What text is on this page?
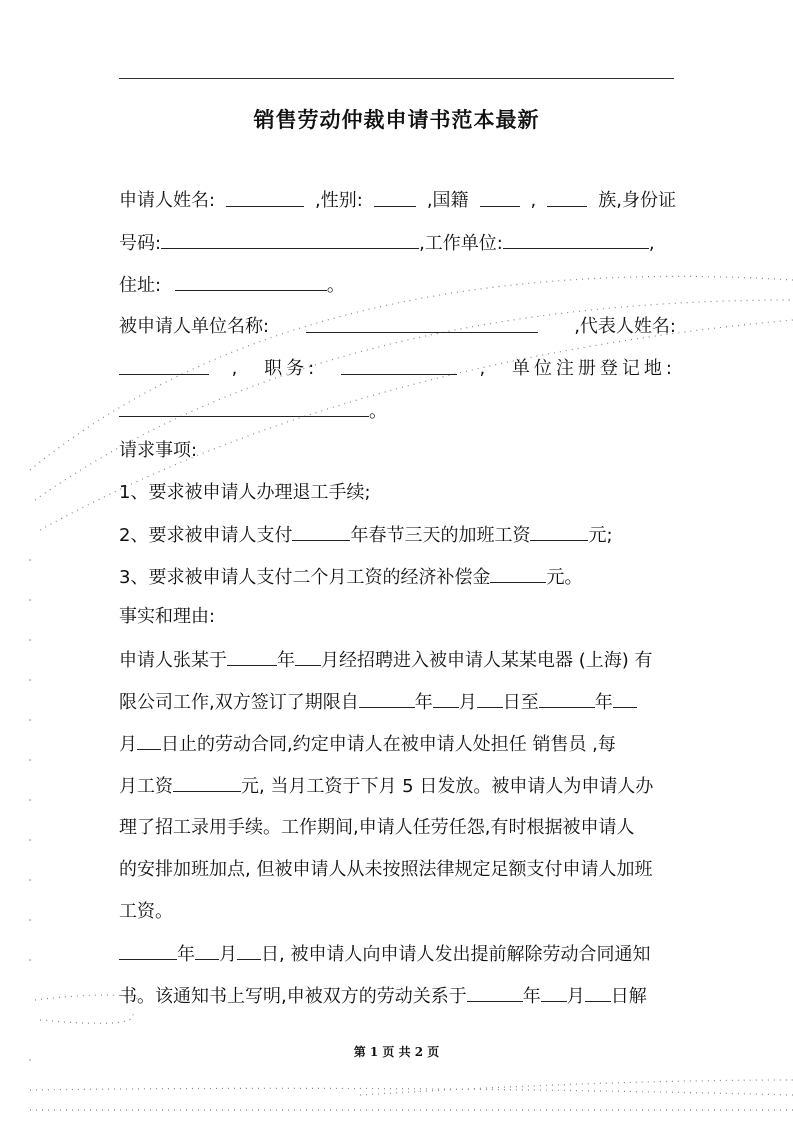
销售劳动仲裁申请书范本最新
申请人姓名:	,性别:	,国籍	,	族,身份证
号码:	,工作单位:	,
住址:	。
被申请人单位名称:	,代表人姓名:
, 职务:	, 单位注册登记地:
。
请求事项:
1、要求被申请人办理退工手续;
2、要求被申请人支付	年春节三天的加班工资	元;
3、要求被申请人支付二个月工资的经济补偿金	元。
事实和理由:
申请人张某于	年 月经招聘进入被申请人某某电器 (上海) 有
限公司工作,双方签订了期限自	年 月 日至	年
月 日止的劳动合同,约定申请人在被申请人处担任 销售员 ,每
月工资	元, 当月工资于下月 5 日发放。被申请人为申请人办
理了招工录用手续。工作期间,申请人任劳任怨,有时根据被申请人
的安排加班加点, 但被申请人从未按照法律规定足额支付申请人加班
工资。
年 月 日, 被申请人向申请人发出提前解除劳动合同通知
书。该通知书上写明,申被双方的劳动关系于	年 月 日解
第 1 页 共 2 页
